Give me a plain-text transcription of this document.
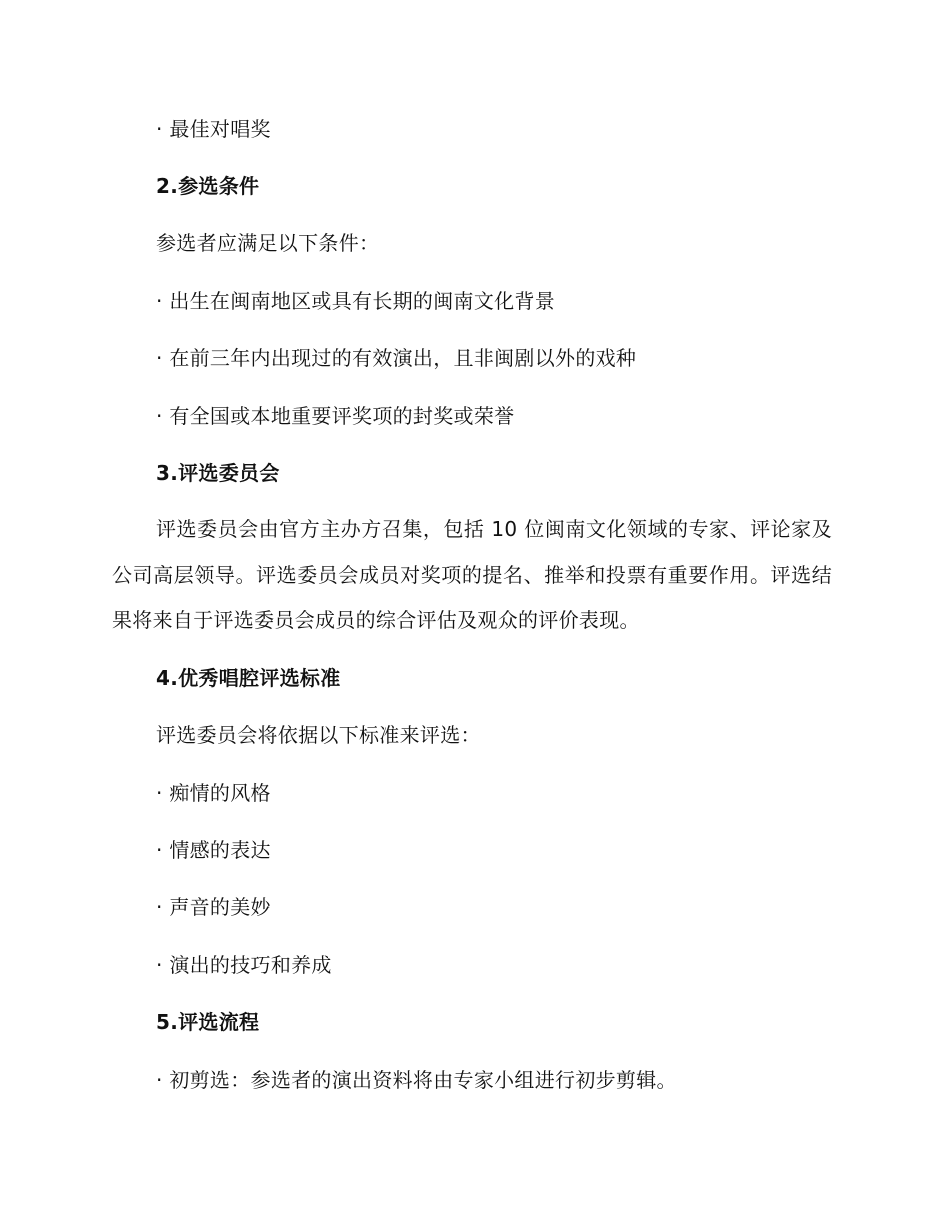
· 最佳对唱奖
2.参选条件
参选者应满足以下条件：
· 出生在闽南地区或具有长期的闽南文化背景
· 在前三年内出现过的有效演出，且非闽剧以外的戏种
· 有全国或本地重要评奖项的封奖或荣誉
3.评选委员会
评选委员会由官方主办方召集，包括 10 位闽南文化领域的专家、评论家及公司高层领导。评选委员会成员对奖项的提名、推举和投票有重要作用。评选结果将来自于评选委员会成员的综合评估及观众的评价表现。
4.优秀唱腔评选标准
评选委员会将依据以下标准来评选：
· 痴情的风格
· 情感的表达
· 声音的美妙
· 演出的技巧和养成
5.评选流程
· 初剪选：参选者的演出资料将由专家小组进行初步剪辑。
